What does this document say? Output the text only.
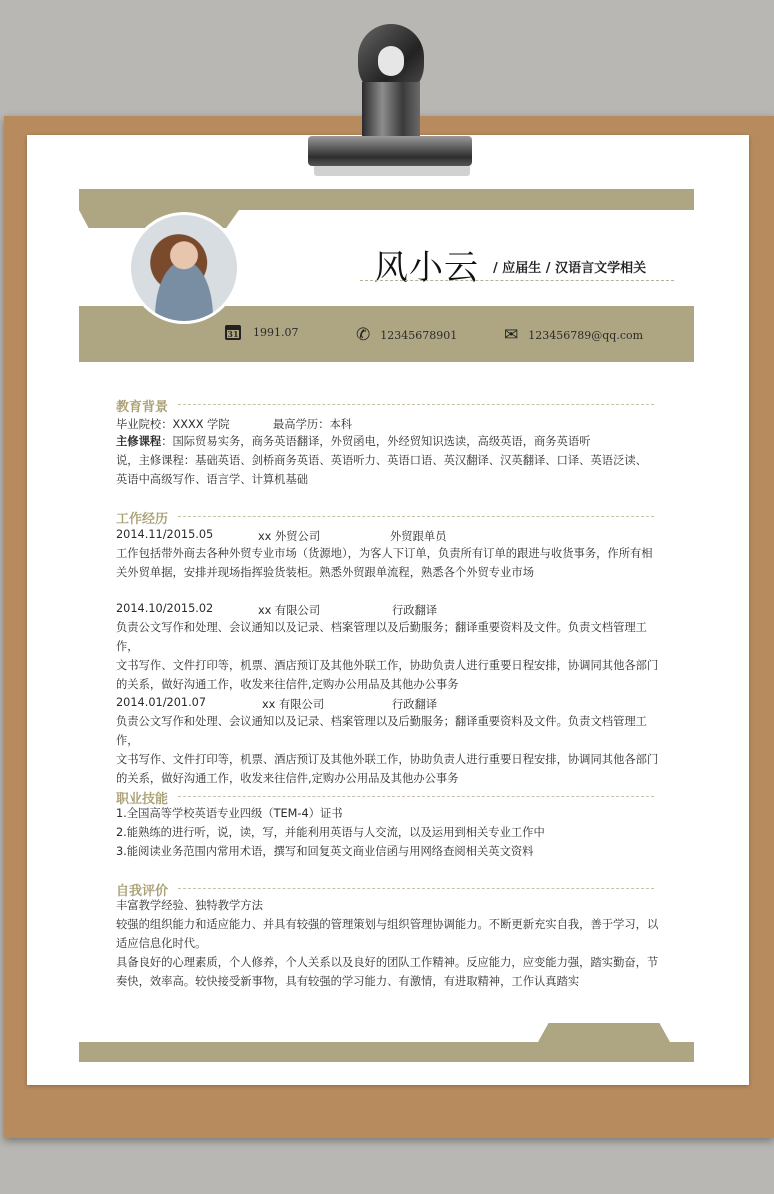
风小云 / 应届生 / 汉语言文学相关
31 1991.07	✆ 12345678901	✉ 123456789@qq.com
教育背景
毕业院校：XXXX 学院	最高学历：本科
主修课程：国际贸易实务，商务英语翻译，外贸函电，外经贸知识选读，高级英语，商务英语听
说，主修课程：基础英语、剑桥商务英语、英语听力、英语口语、英汉翻译、汉英翻译、口译、英语泛读、
英语中高级写作、语言学、计算机基础
工作经历
2014.11/2015.05	xx 外贸公司	外贸跟单员
工作包括带外商去各种外贸专业市场（货源地），为客人下订单，负责所有订单的跟进与收货事务，作所有相
关外贸单据，安排并现场指挥验货装柜。熟悉外贸跟单流程，熟悉各个外贸专业市场
2014.10/2015.02	xx 有限公司	行政翻译
负责公文写作和处理、会议通知以及记录、档案管理以及后勤服务；翻译重要资料及文件。负责文档管理工作，
文书写作、文件打印等，机票、酒店预订及其他外联工作，协助负责人进行重要日程安排，协调同其他各部门
的关系，做好沟通工作，收发来往信件,定购办公用品及其他办公事务
2014.01/201.07	xx 有限公司	行政翻译
负责公文写作和处理、会议通知以及记录、档案管理以及后勤服务；翻译重要资料及文件。负责文档管理工作，
文书写作、文件打印等，机票、酒店预订及其他外联工作，协助负责人进行重要日程安排，协调同其他各部门
的关系，做好沟通工作，收发来往信件,定购办公用品及其他办公事务
职业技能
1.全国高等学校英语专业四级（TEM-4）证书
2.能熟练的进行听，说，读，写，并能利用英语与人交流，以及运用到相关专业工作中
3.能阅读业务范围内常用术语，撰写和回复英文商业信函与用网络查阅相关英文资料
自我评价
丰富教学经验、独特教学方法
较强的组织能力和适应能力、并具有较强的管理策划与组织管理协调能力。不断更新充实自我，善于学习，以
适应信息化时代。
具备良好的心理素质，个人修养，个人关系以及良好的团队工作精神。反应能力，应变能力强，踏实勤奋，节
奏快，效率高。较快接受新事物，具有较强的学习能力、有激情，有进取精神，工作认真踏实
